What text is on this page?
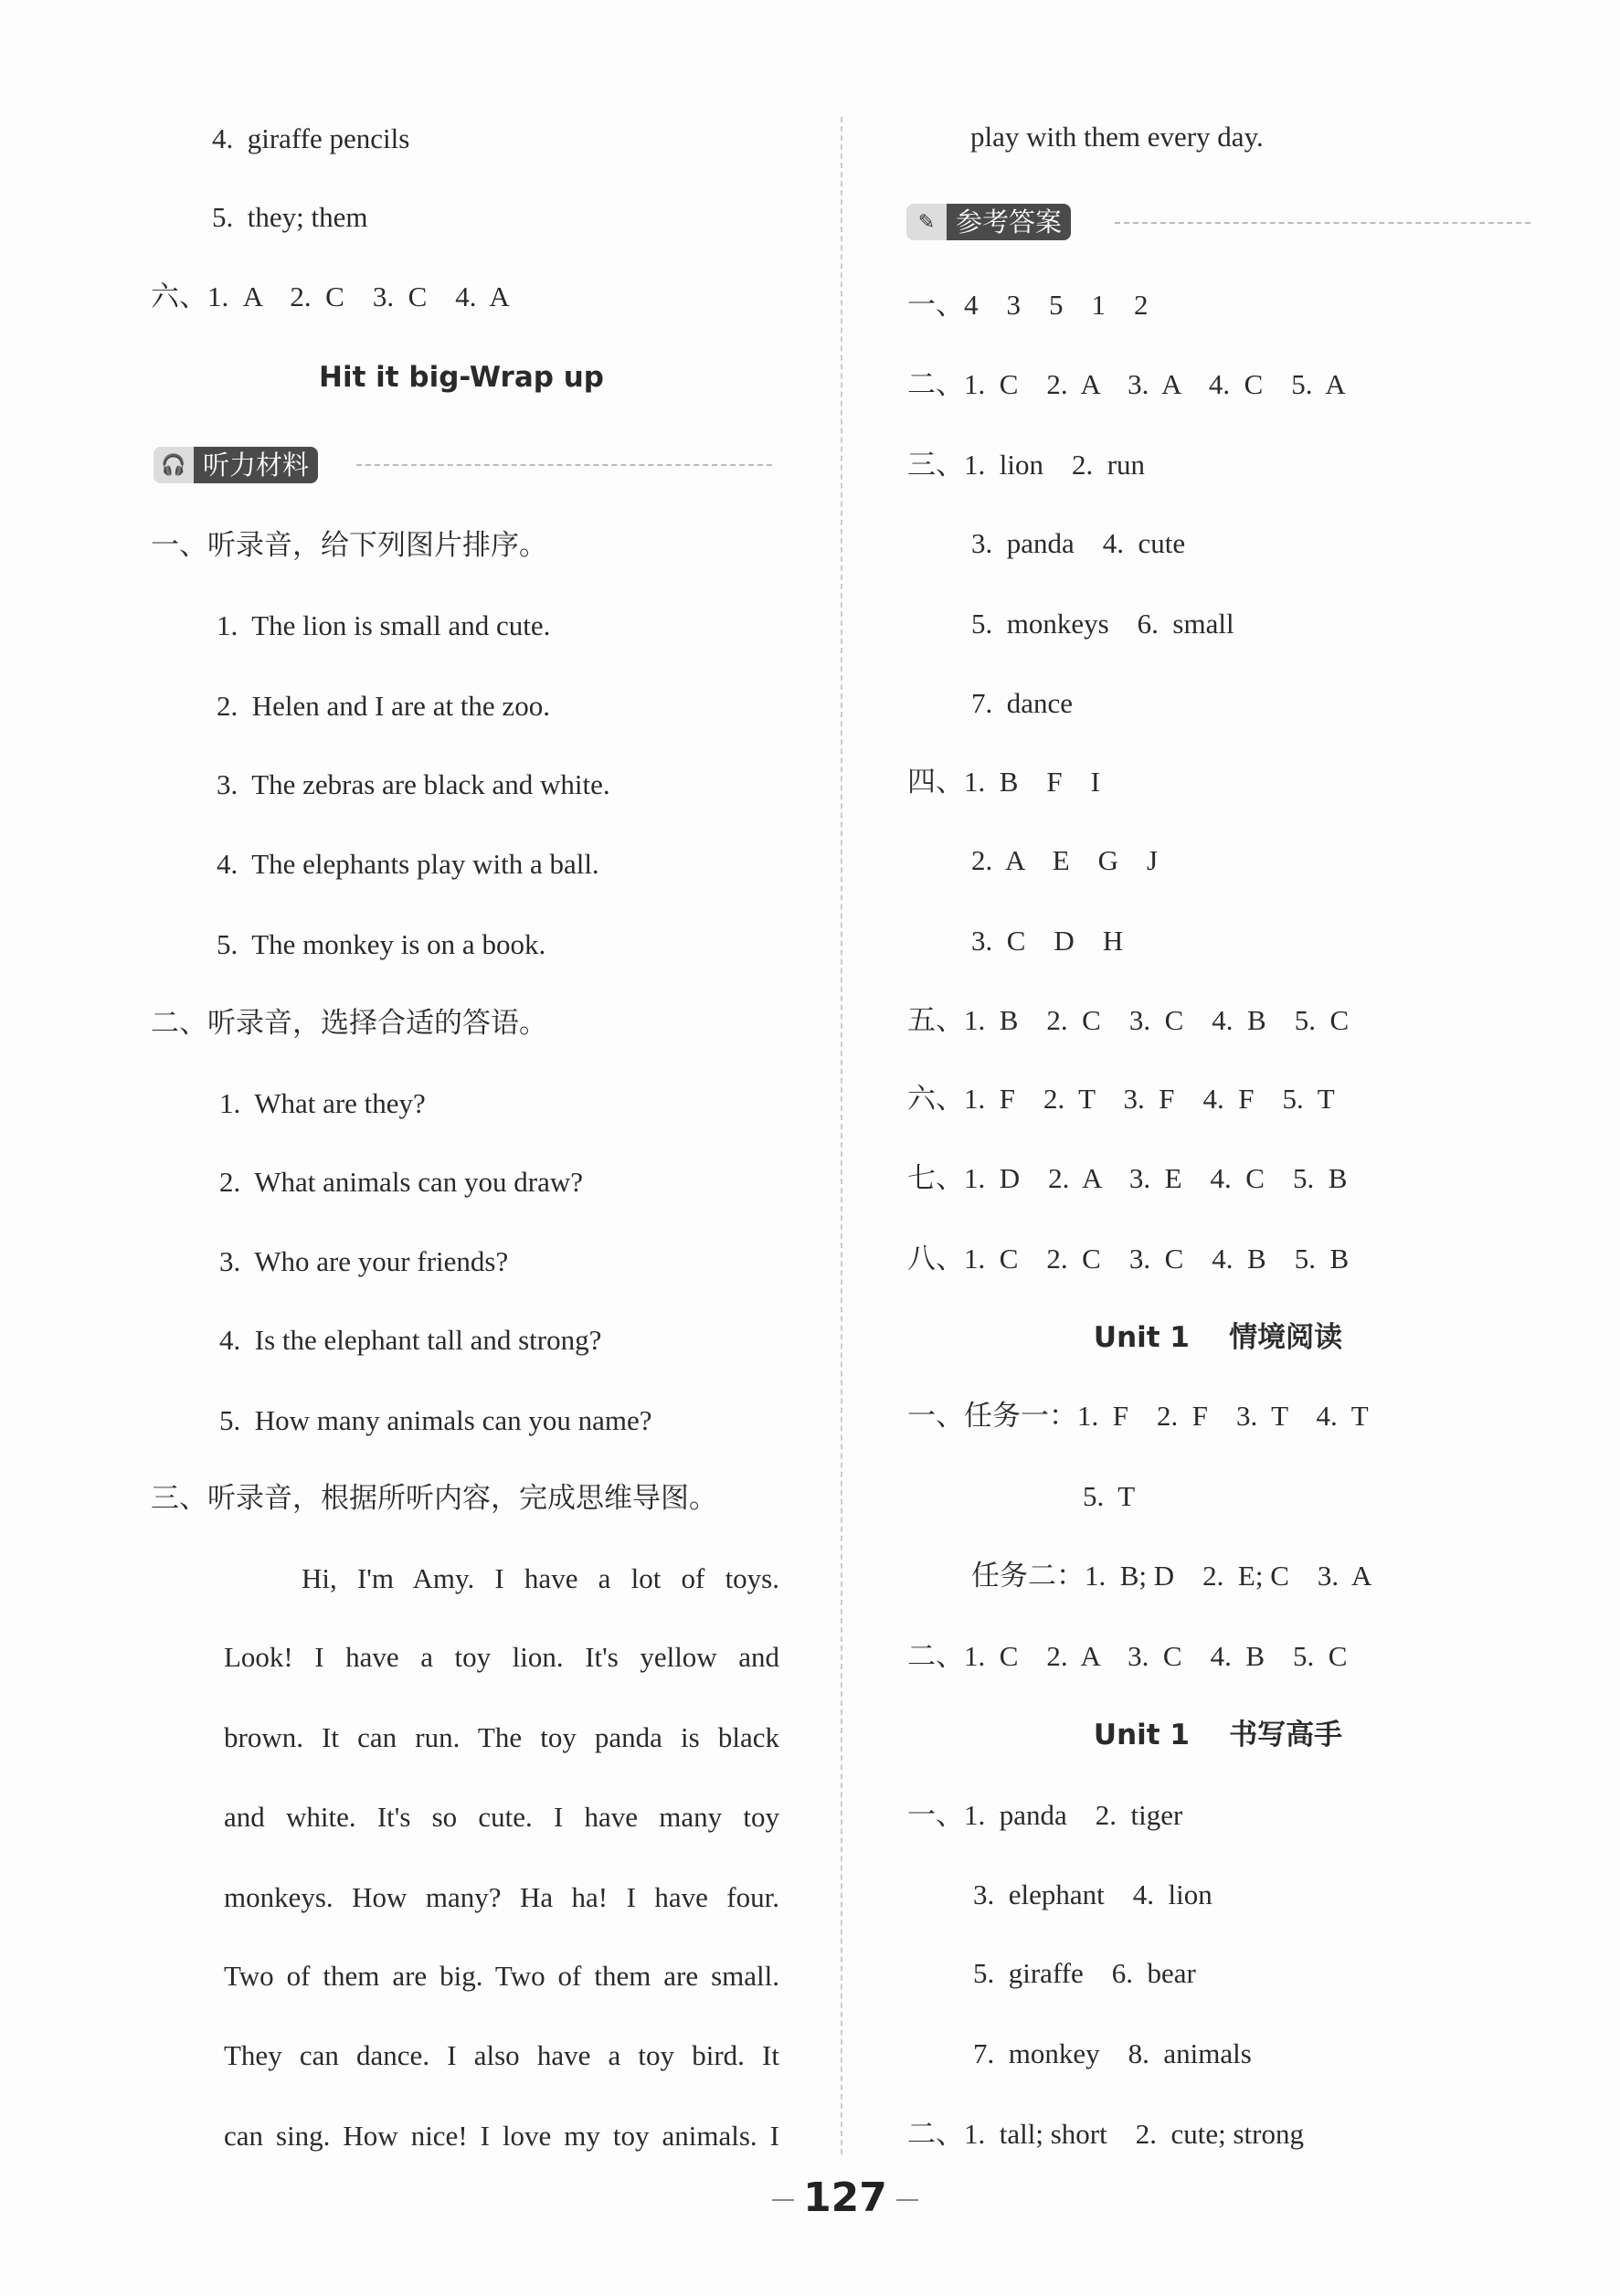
🎧 听力材料
✎ 参考答案
Hit it big-Wrap up
Unit 1    情境阅读
Unit 1    书写高手
127
4.  giraffe pencils
5.  they; them
六、1.  A    2.  C    3.  C    4.  A
一、听录音，给下列图片排序。
1.  The lion is small and cute.
2.  Helen and I are at the zoo.
3.  The zebras are black and white.
4.  The elephants play with a ball.
5.  The monkey is on a book.
二、听录音，选择合适的答语。
1.  What are they?
2.  What animals can you draw?
3.  Who are your friends?
4.  Is the elephant tall and strong?
5.  How many animals can you name?
三、听录音，根据所听内容，完成思维导图。
Hi, I'm Amy. I have a lot of toys.
Look! I have a toy lion. It's yellow and
brown. It can run. The toy panda is black
and white. It's so cute. I have many toy
monkeys. How many? Ha ha! I have four.
Two of them are big. Two of them are small.
They can dance. I also have a toy bird. It
can sing. How nice! I love my toy animals. I
play with them every day.
一、4    3    5    1    2
二、1.  C    2.  A    3.  A    4.  C    5.  A
三、1.  lion    2.  run
3.  panda    4.  cute
5.  monkeys    6.  small
7.  dance
四、1.  B    F    I
2.  A    E    G    J
3.  C    D    H
五、1.  B    2.  C    3.  C    4.  B    5.  C
六、1.  F    2.  T    3.  F    4.  F    5.  T
七、1.  D    2.  A    3.  E    4.  C    5.  B
八、1.  C    2.  C    3.  C    4.  B    5.  B
一、任务一：1.  F    2.  F    3.  T    4.  T
5.  T
任务二：1.  B; D    2.  E; C    3.  A
二、1.  C    2.  A    3.  C    4.  B    5.  C
一、1.  panda    2.  tiger
3.  elephant    4.  lion
5.  giraffe    6.  bear
7.  monkey    8.  animals
二、1.  tall; short    2.  cute; strong
